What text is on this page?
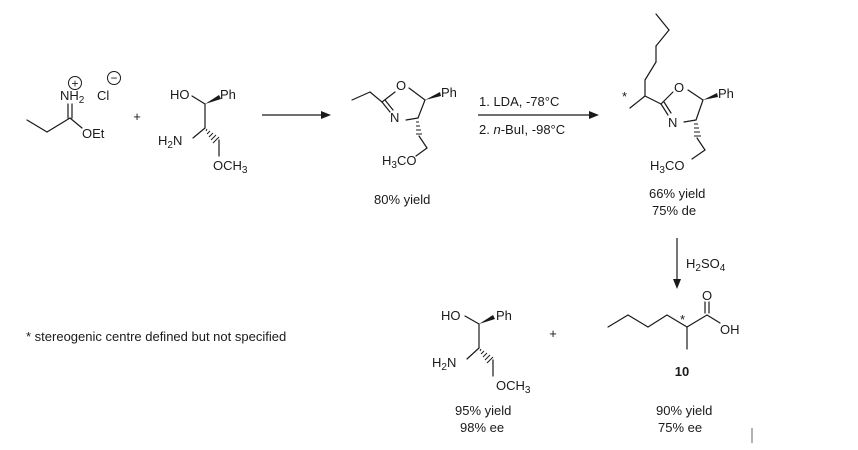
+	−
$NH_2$ Cl
OEt
+
HO Ph
$H_2N$
$OCH_3$
O	Ph
N
$H_3CO$
80% yield
1. LDA, -78°C
2. n-BuI, -98°C
*
O	Ph
N
$H_3CO$
66% yield
75% de
$H_2SO_4$
* stereogenic centre defined but not specified
HO	Ph
$H_2N$
$OCH_3$
95% yield
98% ee
+
*
O
OH
10
90% yield
75% ee
